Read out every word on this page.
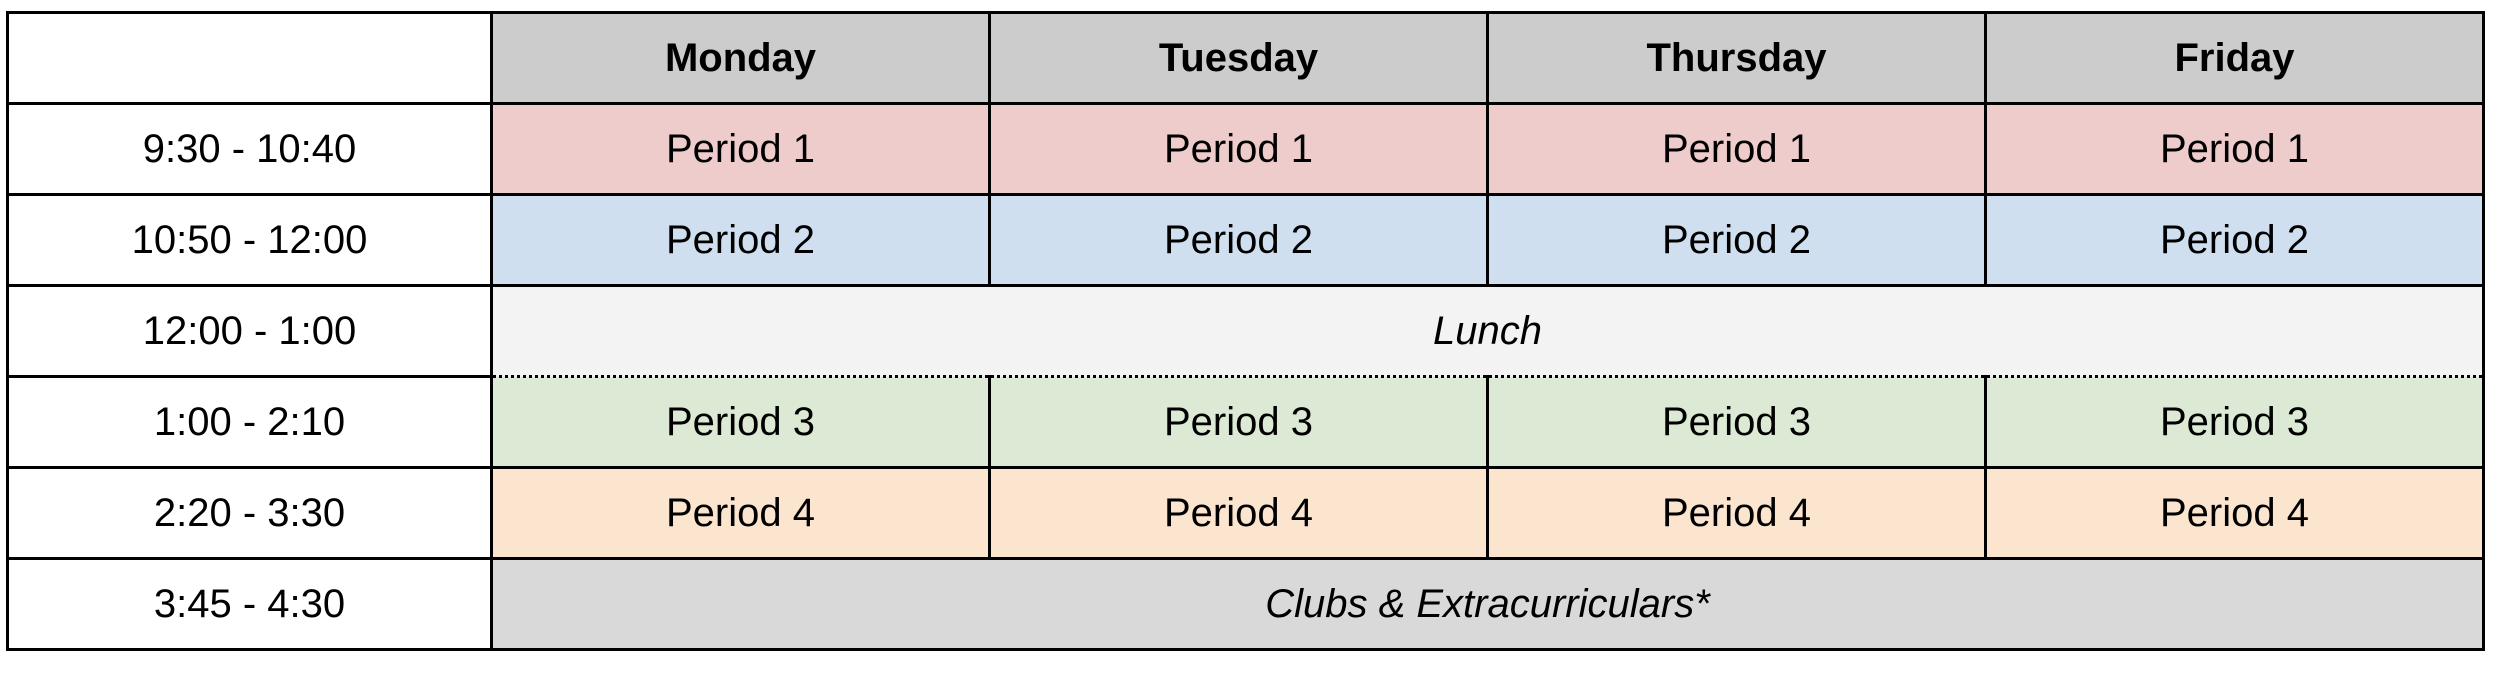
	Monday	Tuesday	Thursday	Friday
9:30 - 10:40	Period 1	Period 1	Period 1	Period 1
10:50 - 12:00	Period 2	Period 2	Period 2	Period 2
12:00 - 1:00	Lunch			
1:00 - 2:10	Period 3	Period 3	Period 3	Period 3
2:20 - 3:30	Period 4	Period 4	Period 4	Period 4
3:45 - 4:30	Clubs & Extracurriculars*			
